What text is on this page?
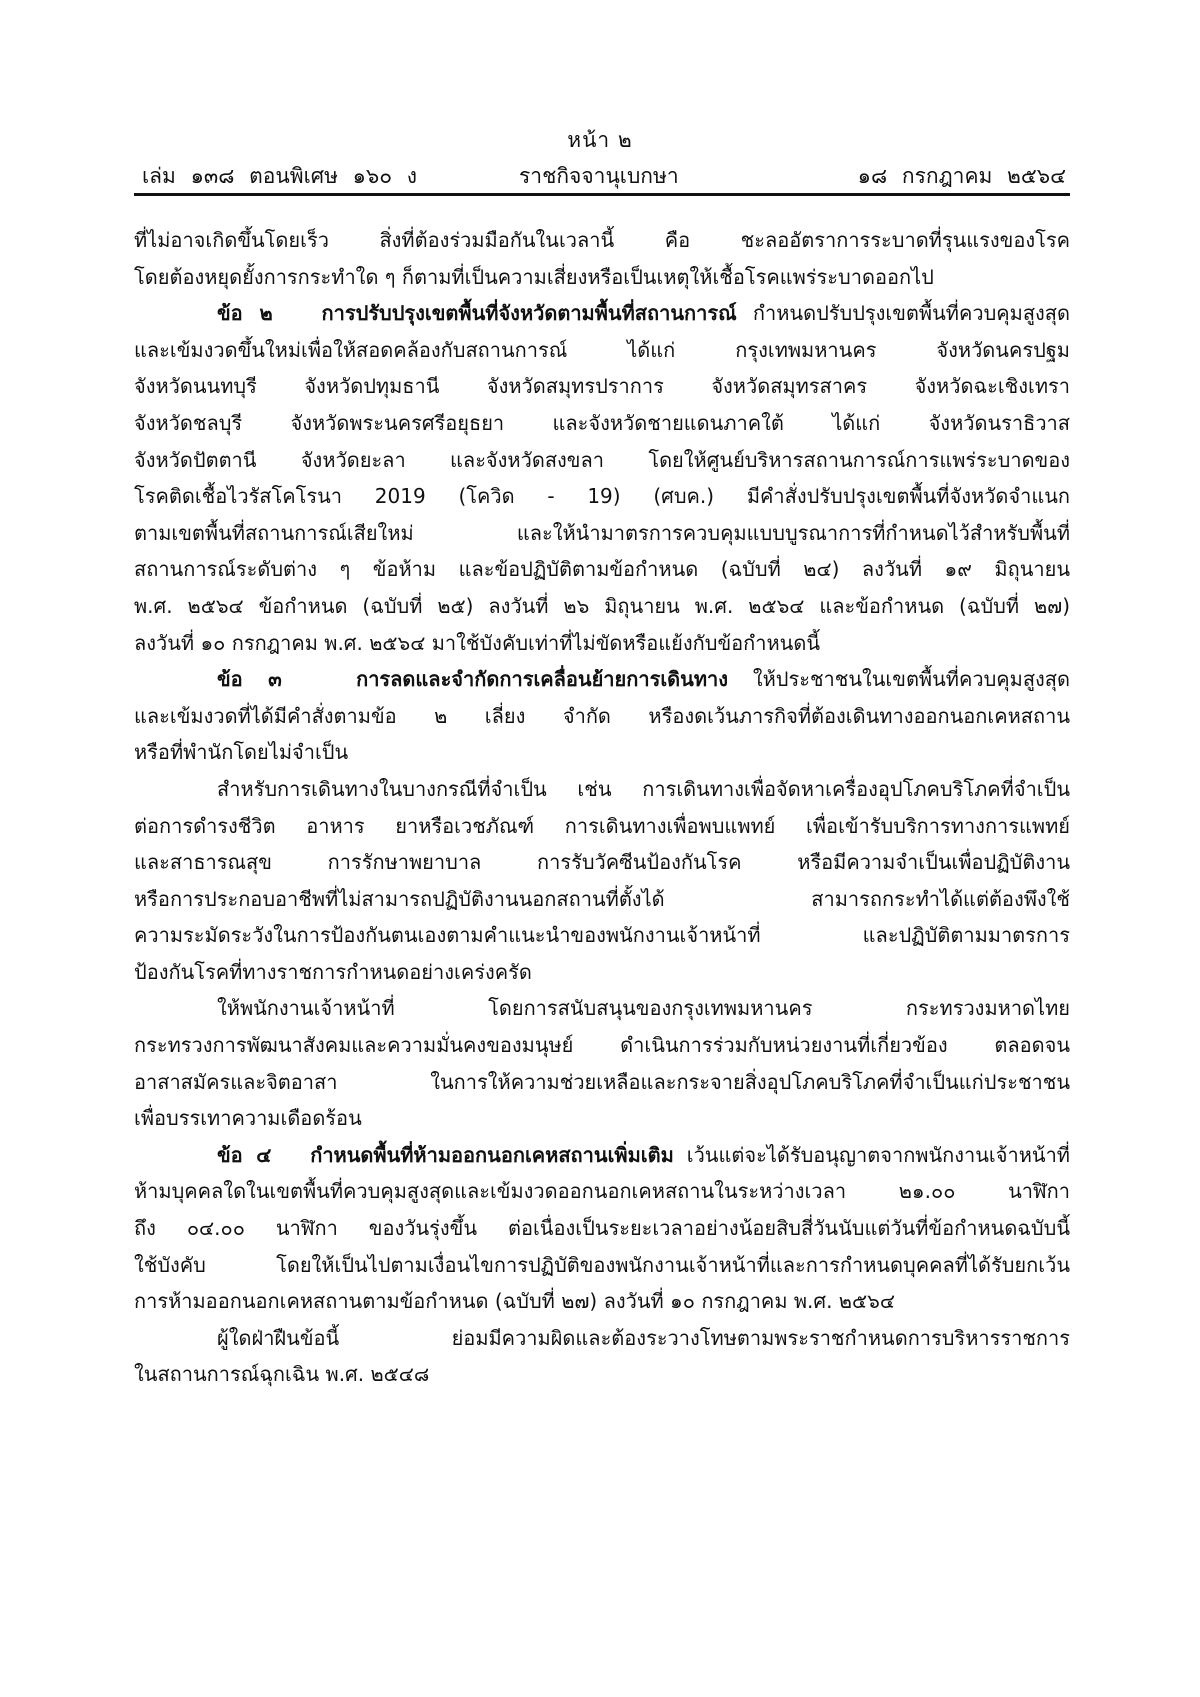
หน้า ๒
เล่ม ๑๓๘ ตอนพิเศษ ๑๖๐ ง	ราชกิจจานุเบกษา	๑๘ กรกฎาคม ๒๕๖๔
ที่ไม่อาจเกิดขึ้นโดยเร็ว สิ่งที่ต้องร่วมมือกันในเวลานี้ คือ ชะลออัตราการระบาดที่รุนแรงของโรค
โดยต้องหยุดยั้งการกระทำใด ๆ ก็ตามที่เป็นความเสี่ยงหรือเป็นเหตุให้เชื้อโรคแพร่ระบาดออกไป
ข้อ ๒ การปรับปรุงเขตพื้นที่จังหวัดตามพื้นที่สถานการณ์ กำหนดปรับปรุงเขตพื้นที่ควบคุมสูงสุด
และเข้มงวดขึ้นใหม่เพื่อให้สอดคล้องกับสถานการณ์ ได้แก่ กรุงเทพมหานคร จังหวัดนครปฐม
จังหวัดนนทบุรี จังหวัดปทุมธานี จังหวัดสมุทรปราการ จังหวัดสมุทรสาคร จังหวัดฉะเชิงเทรา
จังหวัดชลบุรี จังหวัดพระนครศรีอยุธยา และจังหวัดชายแดนภาคใต้ ได้แก่ จังหวัดนราธิวาส
จังหวัดปัตตานี จังหวัดยะลา และจังหวัดสงขลา โดยให้ศูนย์บริหารสถานการณ์การแพร่ระบาดของ
โรคติดเชื้อไวรัสโคโรนา 2019 (โควิด - 19) (ศบค.) มีคำสั่งปรับปรุงเขตพื้นที่จังหวัดจำแนก
ตามเขตพื้นที่สถานการณ์เสียใหม่ และให้นำมาตรการควบคุมแบบบูรณาการที่กำหนดไว้สำหรับพื้นที่
สถานการณ์ระดับต่าง ๆ ข้อห้าม และข้อปฏิบัติตามข้อกำหนด (ฉบับที่ ๒๔) ลงวันที่ ๑๙ มิถุนายน
พ.ศ. ๒๕๖๔ ข้อกำหนด (ฉบับที่ ๒๕) ลงวันที่ ๒๖ มิถุนายน พ.ศ. ๒๕๖๔ และข้อกำหนด (ฉบับที่ ๒๗)
ลงวันที่ ๑๐ กรกฎาคม พ.ศ. ๒๕๖๔ มาใช้บังคับเท่าที่ไม่ขัดหรือแย้งกับข้อกำหนดนี้
ข้อ ๓	การลดและจำกัดการเคลื่อนย้ายการเดินทาง ให้ประชาชนในเขตพื้นที่ควบคุมสูงสุด
และเข้มงวดที่ได้มีคำสั่งตามข้อ ๒ เลี่ยง จำกัด หรืองดเว้นภารกิจที่ต้องเดินทางออกนอกเคหสถาน
หรือที่พำนักโดยไม่จำเป็น
สำหรับการเดินทางในบางกรณีที่จำเป็น เช่น การเดินทางเพื่อจัดหาเครื่องอุปโภคบริโภคที่จำเป็น
ต่อการดำรงชีวิต อาหาร ยาหรือเวชภัณฑ์ การเดินทางเพื่อพบแพทย์ เพื่อเข้ารับบริการทางการแพทย์
และสาธารณสุข การรักษาพยาบาล การรับวัคซีนป้องกันโรค หรือมีความจำเป็นเพื่อปฏิบัติงาน
หรือการประกอบอาชีพที่ไม่สามารถปฏิบัติงานนอกสถานที่ตั้งได้ สามารถกระทำได้แต่ต้องพึงใช้
ความระมัดระวังในการป้องกันตนเองตามคำแนะนำของพนักงานเจ้าหน้าที่ และปฏิบัติตามมาตรการ
ป้องกันโรคที่ทางราชการกำหนดอย่างเคร่งครัด
ให้พนักงานเจ้าหน้าที่ โดยการสนับสนุนของกรุงเทพมหานคร กระทรวงมหาดไทย
กระทรวงการพัฒนาสังคมและความมั่นคงของมนุษย์ ดำเนินการร่วมกับหน่วยงานที่เกี่ยวข้อง ตลอดจน
อาสาสมัครและจิตอาสา ในการให้ความช่วยเหลือและกระจายสิ่งอุปโภคบริโภคที่จำเป็นแก่ประชาชน
เพื่อบรรเทาความเดือดร้อน
ข้อ ๔ กำหนดพื้นที่ห้ามออกนอกเคหสถานเพิ่มเติม เว้นแต่จะได้รับอนุญาตจากพนักงานเจ้าหน้าที่
ห้ามบุคคลใดในเขตพื้นที่ควบคุมสูงสุดและเข้มงวดออกนอกเคหสถานในระหว่างเวลา ๒๑.๐๐ นาฬิกา
ถึง ๐๔.๐๐ นาฬิกา ของวันรุ่งขึ้น ต่อเนื่องเป็นระยะเวลาอย่างน้อยสิบสี่วันนับแต่วันที่ข้อกำหนดฉบับนี้
ใช้บังคับ โดยให้เป็นไปตามเงื่อนไขการปฏิบัติของพนักงานเจ้าหน้าที่และการกำหนดบุคคลที่ได้รับยกเว้น
การห้ามออกนอกเคหสถานตามข้อกำหนด (ฉบับที่ ๒๗) ลงวันที่ ๑๐ กรกฎาคม พ.ศ. ๒๕๖๔
ผู้ใดฝ่าฝืนข้อนี้ ย่อมมีความผิดและต้องระวางโทษตามพระราชกำหนดการบริหารราชการ
ในสถานการณ์ฉุกเฉิน พ.ศ. ๒๕๔๘
